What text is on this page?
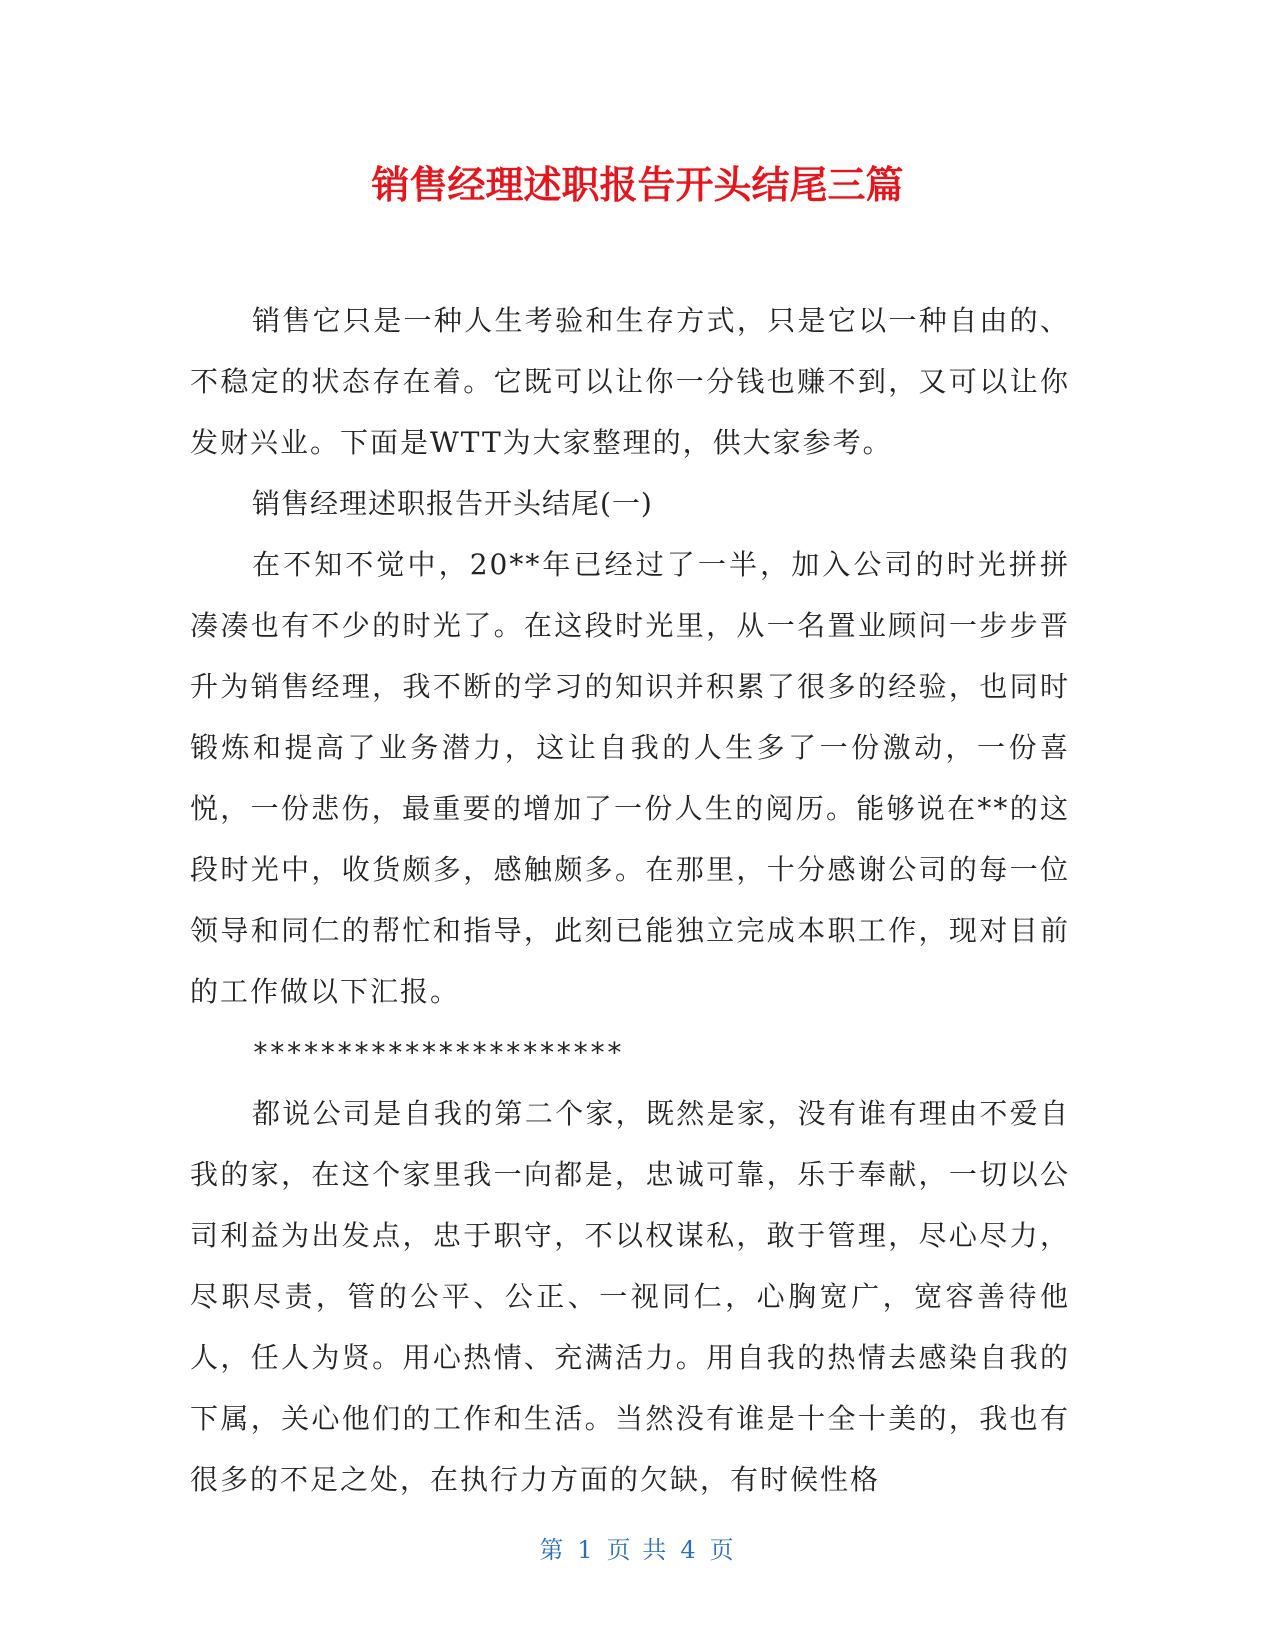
销售经理述职报告开头结尾三篇

销售它只是一种人生考验和生存方式，只是它以一种自由的、不稳定的状态存在着。它既可以让你一分钱也赚不到，又可以让你发财兴业。下面是WTT为大家整理的，供大家参考。

销售经理述职报告开头结尾(一)

在不知不觉中，20**年已经过了一半，加入公司的时光拼拼凑凑也有不少的时光了。在这段时光里，从一名置业顾问一步步晋升为销售经理，我不断的学习的知识并积累了很多的经验，也同时锻炼和提高了业务潜力，这让自我的人生多了一份激动，一份喜悦，一份悲伤，最重要的增加了一份人生的阅历。能够说在**的这段时光中，收货颇多，感触颇多。在那里，十分感谢公司的每一位领导和同仁的帮忙和指导，此刻已能独立完成本职工作，现对目前的工作做以下汇报。

**********************

都说公司是自我的第二个家，既然是家，没有谁有理由不爱自我的家，在这个家里我一向都是，忠诚可靠，乐于奉献，一切以公司利益为出发点，忠于职守，不以权谋私，敢于管理，尽心尽力，尽职尽责，管的公平、公正、一视同仁，心胸宽广，宽容善待他人，任人为贤。用心热情、充满活力。用自我的热情去感染自我的下属，关心他们的工作和生活。当然没有谁是十全十美的，我也有很多的不足之处，在执行力方面的欠缺，有时候性格

第 1 页 共 4 页
